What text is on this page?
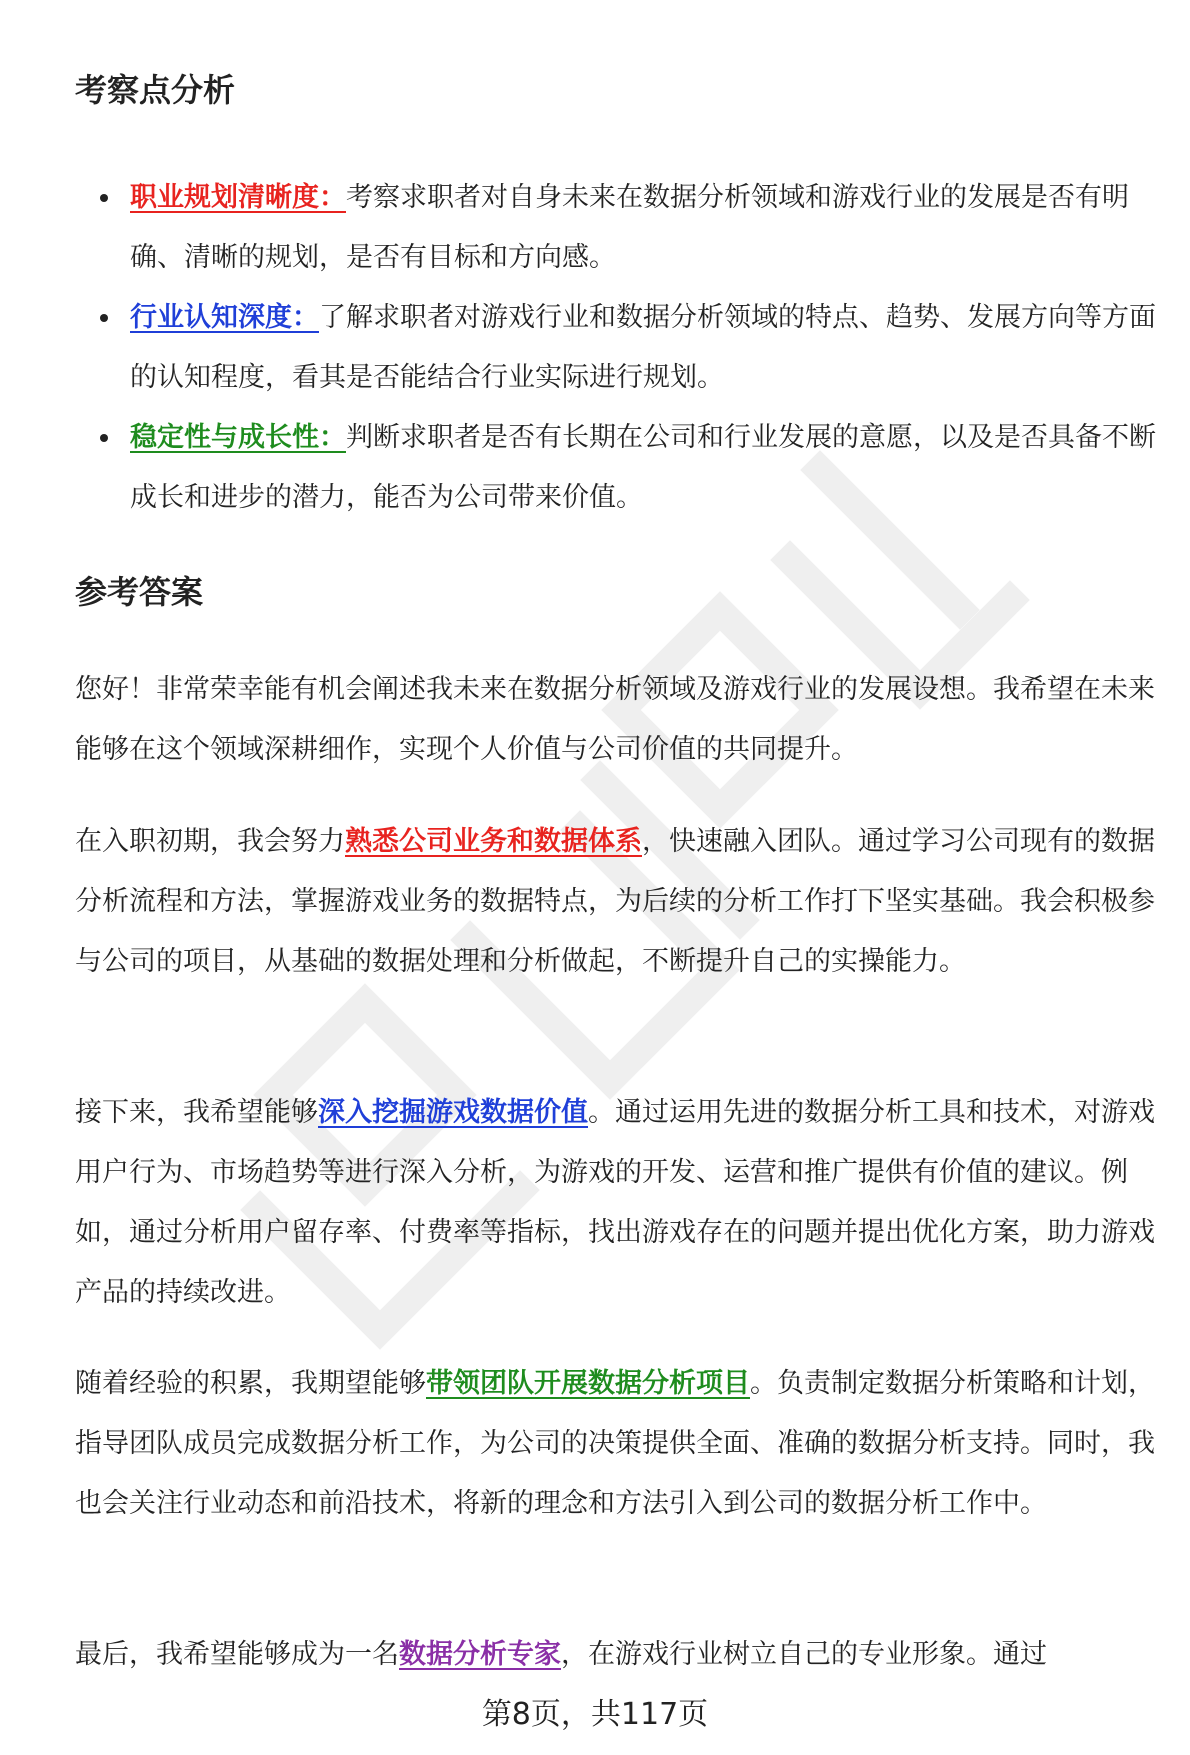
考察点分析
职业规划清晰度：考察求职者对自身未来在数据分析领域和游戏行业的发展是否有明确、清晰的规划，是否有目标和方向感。
行业认知深度：了解求职者对游戏行业和数据分析领域的特点、趋势、发展方向等方面的认知程度，看其是否能结合行业实际进行规划。
稳定性与成长性：判断求职者是否有长期在公司和行业发展的意愿，以及是否具备不断成长和进步的潜力，能否为公司带来价值。
参考答案

您好！非常荣幸能有机会阐述我未来在数据分析领域及游戏行业的发展设想。我希望在未来能够在这个领域深耕细作，实现个人价值与公司价值的共同提升。

在入职初期，我会努力熟悉公司业务和数据体系，快速融入团队。通过学习公司现有的数据分析流程和方法，掌握游戏业务的数据特点，为后续的分析工作打下坚实基础。我会积极参与公司的项目，从基础的数据处理和分析做起，不断提升自己的实操能力。

接下来，我希望能够深入挖掘游戏数据价值。通过运用先进的数据分析工具和技术，对游戏用户行为、市场趋势等进行深入分析，为游戏的开发、运营和推广提供有价值的建议。例如，通过分析用户留存率、付费率等指标，找出游戏存在的问题并提出优化方案，助力游戏产品的持续改进。

随着经验的积累，我期望能够带领团队开展数据分析项目。负责制定数据分析策略和计划，指导团队成员完成数据分析工作，为公司的决策提供全面、准确的数据分析支持。同时，我也会关注行业动态和前沿技术，将新的理念和方法引入到公司的数据分析工作中。

最后，我希望能够成为一名数据分析专家，在游戏行业树立自己的专业形象。通过

第8页，共117页
